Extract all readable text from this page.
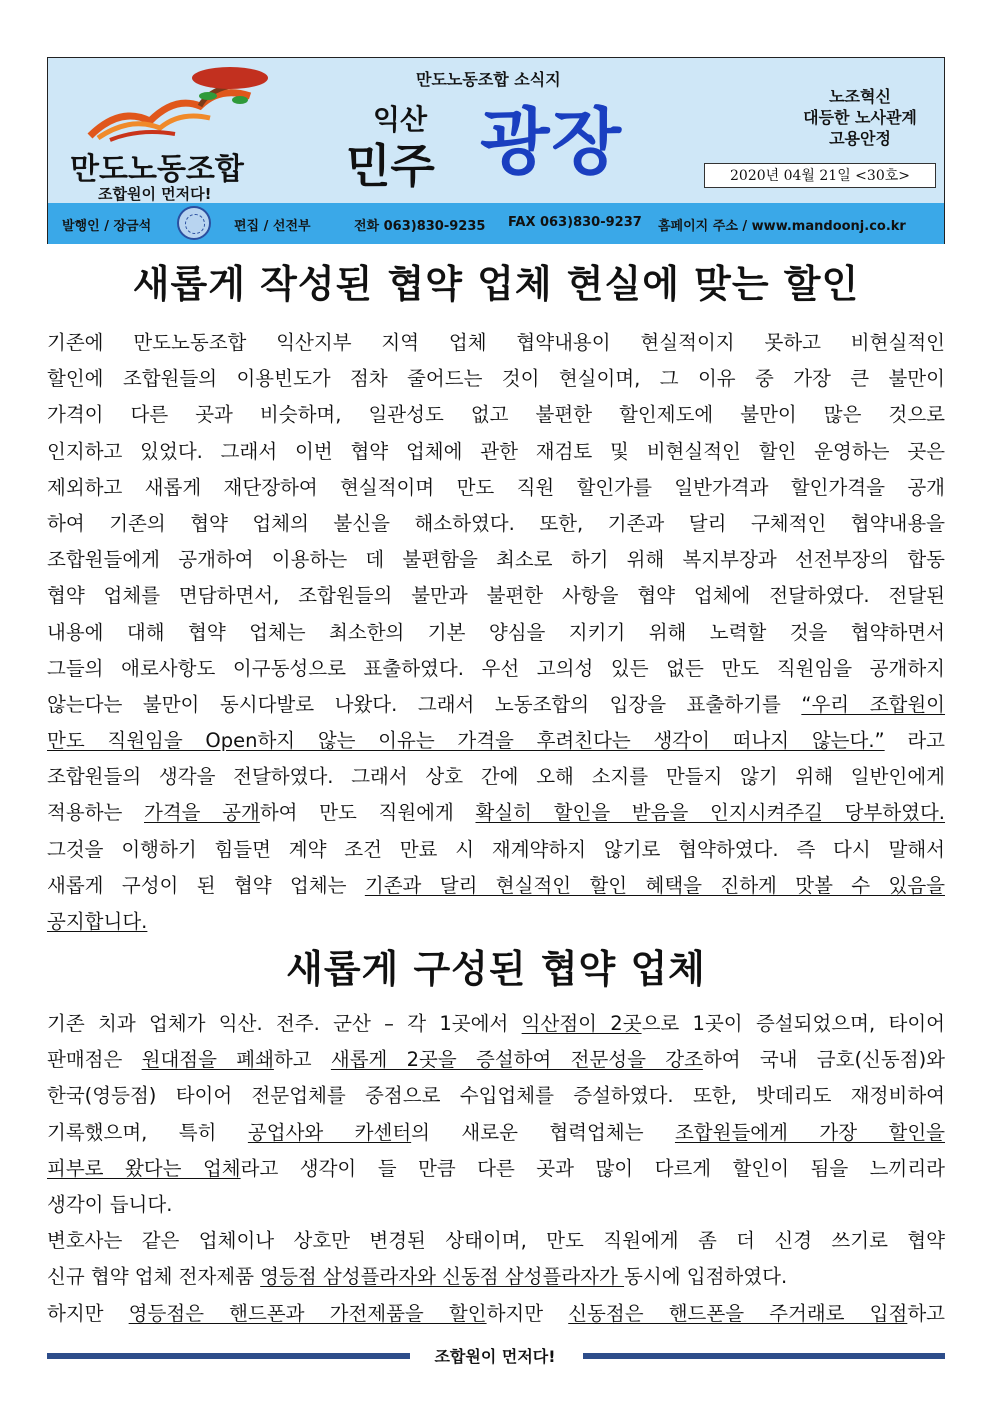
만도노동조합
조합원이 먼저다!
만도노동조합 소식지
익산
민주 광장
노조혁신
대등한 노사관계
고용안정
2020년 04월 21일 <30호>
발행인 / 장금석	편집 / 선전부	전화 063)830-9235 FAX 063)830-9237 홈페이지 주소 / www.mandoonj.co.kr
새롭게 작성된 협약 업체 현실에 맞는 할인
기존에 만도노동조합 익산지부 지역 업체 협약내용이 현실적이지 못하고 비현실적인
할인에 조합원들의 이용빈도가 점차 줄어드는 것이 현실이며, 그 이유 중 가장 큰 불만이
가격이 다른 곳과 비슷하며, 일관성도 없고 불편한 할인제도에 불만이 많은 것으로
인지하고 있었다. 그래서 이번 협약 업체에 관한 재검토 및 비현실적인 할인 운영하는 곳은
제외하고 새롭게 재단장하여 현실적이며 만도 직원 할인가를 일반가격과 할인가격을 공개
하여 기존의 협약 업체의 불신을 해소하였다. 또한, 기존과 달리 구체적인 협약내용을
조합원들에게 공개하여 이용하는 데 불편함을 최소로 하기 위해 복지부장과 선전부장의 합동
협약 업체를 면담하면서, 조합원들의 불만과 불편한 사항을 협약 업체에 전달하였다. 전달된
내용에 대해 협약 업체는 최소한의 기본 양심을 지키기 위해 노력할 것을 협약하면서
그들의 애로사항도 이구동성으로 표출하였다. 우선 고의성 있든 없든 만도 직원임을 공개하지
않는다는 불만이 동시다발로 나왔다. 그래서 노동조합의 입장을 표출하기를 “우리 조합원이
만도 직원임을 Open하지 않는 이유는 가격을 후려친다는 생각이 떠나지 않는다.” 라고
조합원들의 생각을 전달하였다. 그래서 상호 간에 오해 소지를 만들지 않기 위해 일반인에게
적용하는 가격을 공개하여 만도 직원에게 확실히 할인을 받음을 인지시켜주길 당부하였다.
그것을 이행하기 힘들면 계약 조건 만료 시 재계약하지 않기로 협약하였다. 즉 다시 말해서
새롭게 구성이 된 협약 업체는 기존과 달리 현실적인 할인 혜택을 진하게 맛볼 수 있음을
공지합니다.
새롭게 구성된 협약 업체
기존 치과 업체가 익산. 전주. 군산 – 각 1곳에서 익산점이 2곳으로 1곳이 증설되었으며, 타이어
판매점은 원대점을 폐쇄하고 새롭게 2곳을 증설하여 전문성을 강조하여 국내 금호(신동점)와
한국(영등점) 타이어 전문업체를 중점으로 수입업체를 증설하였다. 또한, 밧데리도 재정비하여
기록했으며, 특히 공업사와 카센터의 새로운 협력업체는 조합원들에게 가장 할인을
피부로 왔다는 업체라고 생각이 들 만큼 다른 곳과 많이 다르게 할인이 됨을 느끼리라
생각이 듭니다.
변호사는 같은 업체이나 상호만 변경된 상태이며, 만도 직원에게 좀 더 신경 쓰기로 협약
신규 협약 업체 전자제품 영등점 삼성플라자와 신동점 삼성플라자가 동시에 입점하였다.
하지만 영등점은 핸드폰과 가전제품을 할인하지만 신동점은 핸드폰을 주거래로 입점하고
조합원이 먼저다!
